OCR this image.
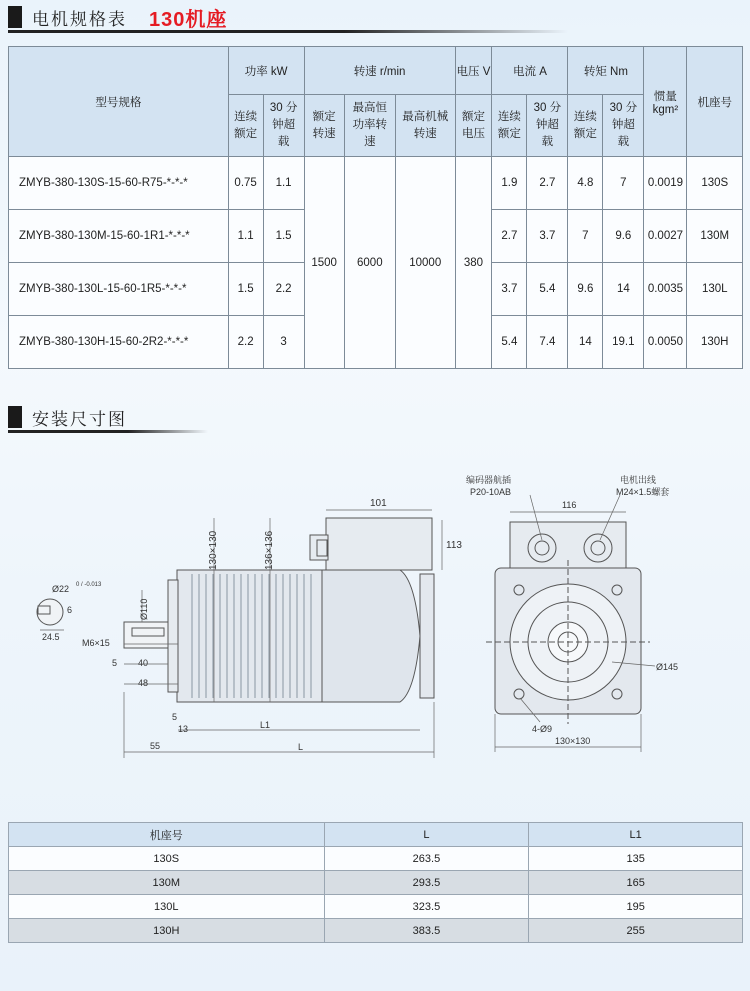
电机规格表 130机座
型号规格	功率 kW		转速 r/min			电压 V	电流 A		转矩 Nm		惯量 kgm²	机座号
	连续额定	30 分钟超载	额定转速	最高恒功率转速	最高机械转速	额定电压	连续额定	30 分钟超载	连续额定	30 分钟超载		
ZMYB-380-130S-15-60-R75-*-*-*	0.75	1.1	1500	6000	10000	380	1.9	2.7	4.8	7	0.0019	130S
ZMYB-380-130M-15-60-1R1-*-*-*	1.1	1.5					2.7	3.7	7	9.6	0.0027	130M
ZMYB-380-130L-15-60-1R5-*-*-*	1.5	2.2					3.7	5.4	9.6	14	0.0035	130L
ZMYB-380-130H-15-60-2R2-*-*-*	2.2	3					5.4	7.4	14	19.1	0.0050	130H
安装尺寸图
101
113
130×130	136×136
Ø22 0 / -0.013
6
24.5
M6×15
Ø110
5 40
48
5
13	L1
55	L
编码器航插
P20-10AB
电机出线
M24×1.5螺套
116
Ø145
4-Ø9
130×130
机座号	L	L1
130S	263.5	135
130M	293.5	165
130L	323.5	195
130H	383.5	255
